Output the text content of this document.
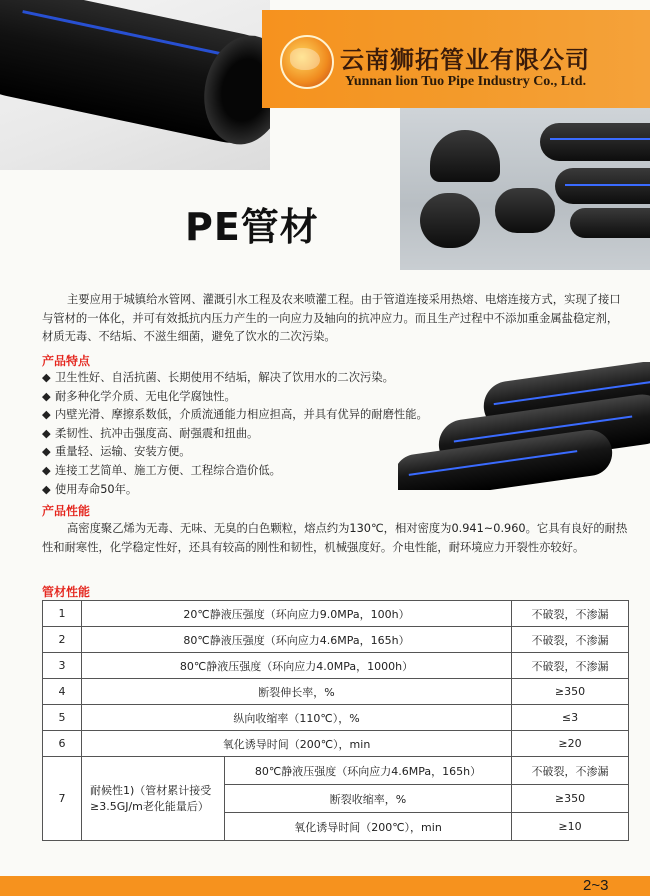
云南狮拓管业有限公司
Yunnan lion Tuo Pipe Industry Co., Ltd.
PE管材
主要应用于城镇给水管网、灌溉引水工程及农来喷灌工程。由于管道连接采用热熔、电熔连接方式，实现了接口与管材的一体化，并可有效抵抗内压力产生的一向应力及轴向的抗冲应力。而且生产过程中不添加重金属盐稳定剂，材质无毒、不结垢、不滋生细菌，避免了饮水的二次污染。
产品特点
◆ 卫生性好、自活抗菌、长期使用不结垢，解决了饮用水的二次污染。
◆ 耐多种化学介质、无电化学腐蚀性。
◆ 内壁光滑、摩擦系数低，介质流通能力相应担高，并具有优异的耐磨性能。
◆ 柔韧性、抗冲击强度高、耐强震和扭曲。
◆ 重量轻、运输、安装方便。
◆ 连接工艺简单、施工方便、工程综合造价低。
◆ 使用寿命50年。
产品性能
高密度聚乙烯为无毒、无味、无臭的白色颗粒，熔点约为130℃，相对密度为0.941~0.960。它具有良好的耐热性和耐寒性，化学稳定性好，还具有较高的刚性和韧性，机械强度好。介电性能，耐环境应力开裂性亦较好。
管材性能
1	20℃静液压强度（环向应力9.0MPa，100h）		不破裂，不渗漏
2	80℃静液压强度（环向应力4.6MPa，165h）		不破裂，不渗漏
3	80℃静液压强度（环向应力4.0MPa，1000h）		不破裂，不渗漏
4	断裂伸长率，%		≥350
5	纵向收缩率（110℃），%		≤3
6	氧化诱导时间（200℃），min		≥20
7	耐候性1)（管材累计接受≥3.5GJ/m老化能量后）	80℃静液压强度（环向应力4.6MPa，165h）	不破裂，不渗漏
		断裂收缩率，%	≥350
		氧化诱导时间（200℃），min	≥10
2~3
